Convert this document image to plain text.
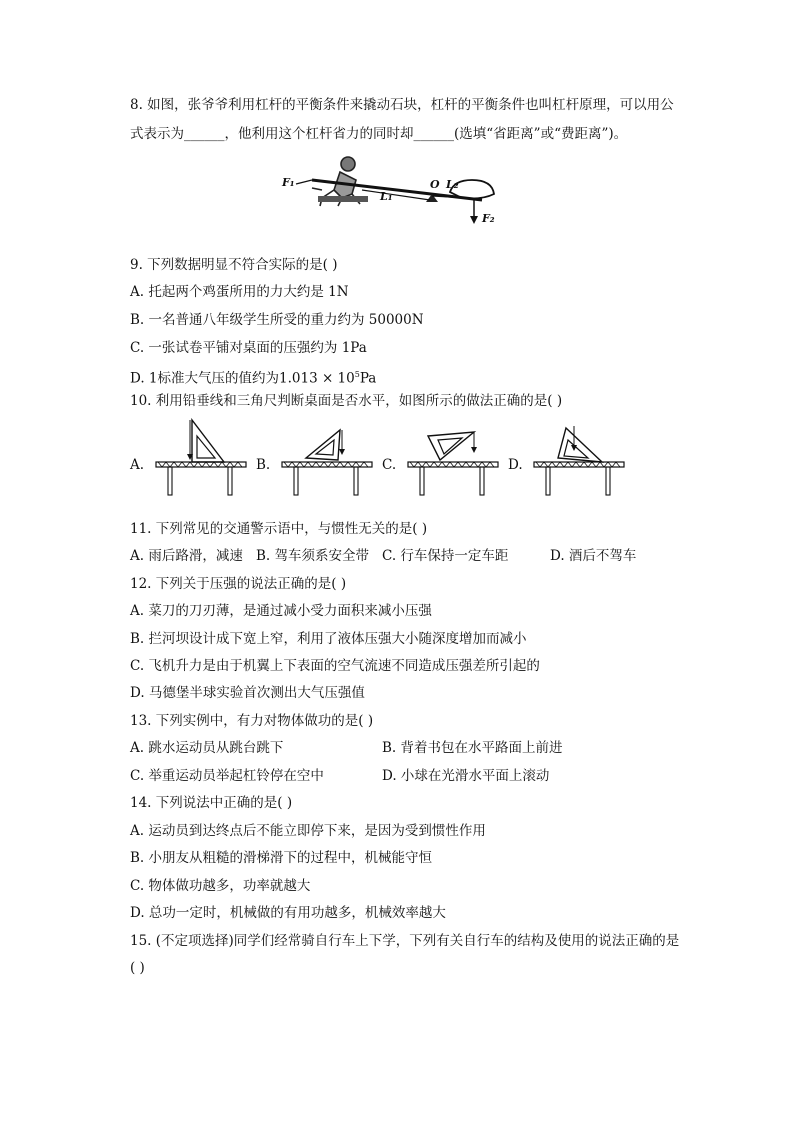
8. 如图，张爷爷利用杠杆的平衡条件来撬动石块，杠杆的平衡条件也叫杠杆原理，可以用公
式表示为______，他利用这个杠杆省力的同时却______(选填“省距离”或“费距离”)。
F₁
L₁
O L₂
F₂
9. 下列数据明显不符合实际的是( )
A. 托起两个鸡蛋所用的力大约是 1N
B. 一名普通八年级学生所受的重力约为 50000N
C. 一张试卷平铺对桌面的压强约为 1Pa
D. 1标准大气压的值约为$1.013 \times 10^5Pa$
10. 利用铅垂线和三角尺判断桌面是否水平，如图所示的做法正确的是( )
A.	B.	C.	D.
11. 下列常见的交通警示语中，与惯性无关的是( )
A. 雨后路滑，减速 B. 驾车须系安全带 C. 行车保持一定车距	D. 酒后不驾车
12. 下列关于压强的说法正确的是( )
A. 菜刀的刀刃薄，是通过减小受力面积来减小压强
B. 拦河坝设计成下宽上窄，利用了液体压强大小随深度增加而减小
C. 飞机升力是由于机翼上下表面的空气流速不同造成压强差所引起的
D. 马德堡半球实验首次测出大气压强值
13. 下列实例中，有力对物体做功的是( )
A. 跳水运动员从跳台跳下	B. 背着书包在水平路面上前进
C. 举重运动员举起杠铃停在空中	D. 小球在光滑水平面上滚动
14. 下列说法中正确的是( )
A. 运动员到达终点后不能立即停下来，是因为受到惯性作用
B. 小朋友从粗糙的滑梯滑下的过程中，机械能守恒
C. 物体做功越多，功率就越大
D. 总功一定时，机械做的有用功越多，机械效率越大
15. (不定项选择)同学们经常骑自行车上下学，下列有关自行车的结构及使用的说法正确的是
( )
